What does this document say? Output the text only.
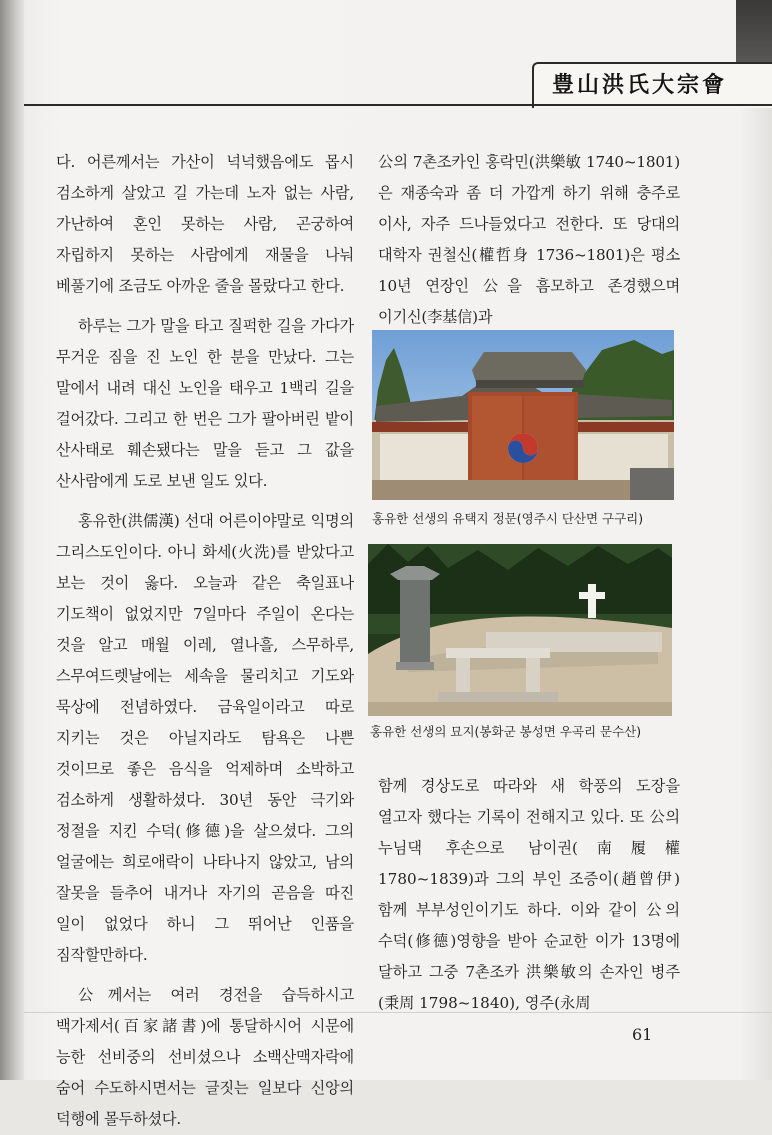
豊山洪氏大宗會

다. 어른께서는 가산이 넉넉했음에도 몹시 검소하게 살았고 길 가는데 노자 없는 사람, 가난하여 혼인 못하는 사람, 곤궁하여 자립하지 못하는 사람에게 재물을 나눠 베풀기에 조금도 아까운 줄을 몰랐다고 한다.

하루는 그가 말을 타고 질퍽한 길을 가다가 무거운 짐을 진 노인 한 분을 만났다. 그는 말에서 내려 대신 노인을 태우고 1백리 길을 걸어갔다. 그리고 한 번은 그가 팔아버린 밭이 산사태로 훼손됐다는 말을 듣고 그 값을 산사람에게 도로 보낸 일도 있다.

홍유한(洪儒漢) 선대 어른이야말로 익명의 그리스도인이다. 아니 화세(火洗)를 받았다고 보는 것이 옳다. 오늘과 같은 축일표나 기도책이 없었지만 7일마다 주일이 온다는 것을 알고 매월 이레, 열나흘, 스무하루, 스무여드렛날에는 세속을 물리치고 기도와 묵상에 전념하였다. 금육일이라고 따로 지키는 것은 아닐지라도 탐욕은 나쁜 것이므로 좋은 음식을 억제하며 소박하고 검소하게 생활하셨다. 30년 동안 극기와 정절을 지킨 수덕(修德)을 살으셨다. 그의 얼굴에는 희로애락이 나타나지 않았고, 남의 잘못을 들추어 내거나 자기의 곧음을 따진 일이 없었다 하니 그 뛰어난 인품을 짐작할만하다.

公께서는 여러 경전을 습득하시고 백가제서(百家諸書)에 통달하시어 시문에 능한 선비중의 선비셨으나 소백산맥자락에 숨어 수도하시면서는 글짓는 일보다 신앙의 덕행에 몰두하셨다.

公의 7촌조카인 홍락민(洪樂敏 1740~1801)은 재종숙과 좀 더 가깝게 하기 위해 충주로 이사, 자주 드나들었다고 전한다. 또 당대의 대학자 권철신(權哲身 1736~1801)은 평소 10년 연장인 公을 흠모하고 존경했으며 이기신(李基信)과

홍유한 선생의 유택지 정문(영주시 단산면 구구리)
홍유한 선생의 묘지(봉화군 봉성면 우곡리 문수산)

함께 경상도로 따라와 새 학풍의 도장을 열고자 했다는 기록이 전해지고 있다. 또 公의 누님댁 후손으로 남이권(南履權 1780~1839)과 그의 부인 조증이(趙曾伊) 함께 부부성인이기도 하다. 이와 같이 公의 수덕(修德)영향을 받아 순교한 이가 13명에 달하고 그중 7촌조카 洪樂敏의 손자인 병주(秉周 1798~1840), 영주(永周

61
